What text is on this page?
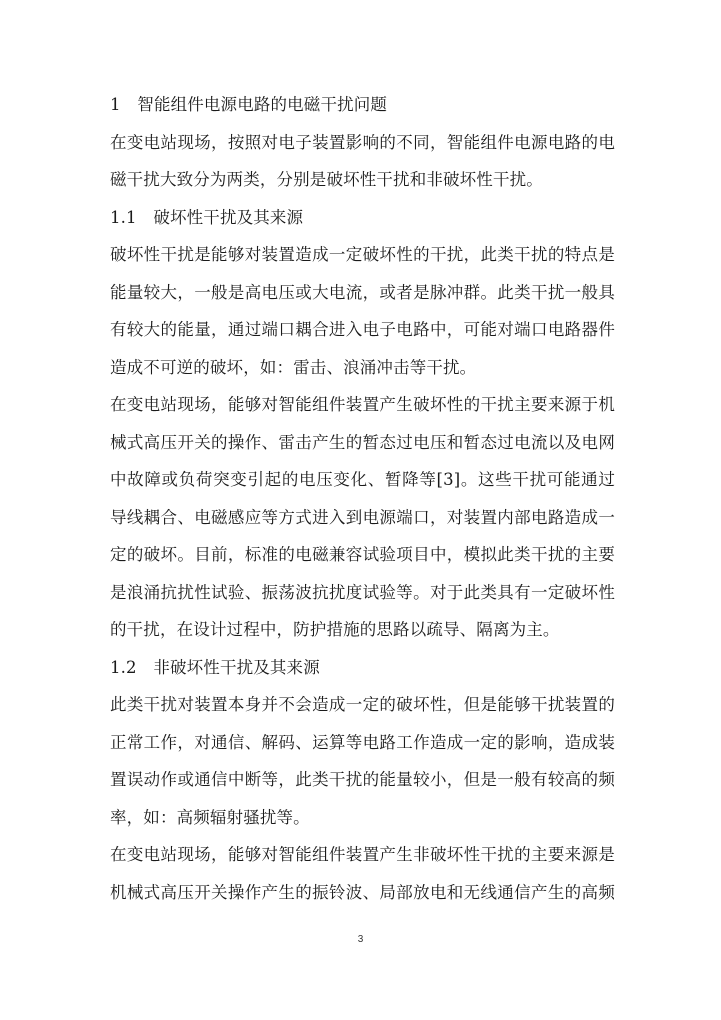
1　智能组件电源电路的电磁干扰问题
在变电站现场，按照对电子装置影响的不同，智能组件电源电路的电
磁干扰大致分为两类，分别是破坏性干扰和非破坏性干扰。
1.1　破坏性干扰及其来源
破坏性干扰是能够对装置造成一定破坏性的干扰，此类干扰的特点是
能量较大，一般是高电压或大电流，或者是脉冲群。此类干扰一般具
有较大的能量，通过端口耦合进入电子电路中，可能对端口电路器件
造成不可逆的破坏，如：雷击、浪涌冲击等干扰。
在变电站现场，能够对智能组件装置产生破坏性的干扰主要来源于机
械式高压开关的操作、雷击产生的暂态过电压和暂态过电流以及电网
中故障或负荷突变引起的电压变化、暂降等[3]。这些干扰可能通过
导线耦合、电磁感应等方式进入到电源端口，对装置内部电路造成一
定的破坏。目前，标准的电磁兼容试验项目中，模拟此类干扰的主要
是浪涌抗扰性试验、振荡波抗扰度试验等。对于此类具有一定破坏性
的干扰，在设计过程中，防护措施的思路以疏导、隔离为主。
1.2　非破坏性干扰及其来源
此类干扰对装置本身并不会造成一定的破坏性，但是能够干扰装置的
正常工作，对通信、解码、运算等电路工作造成一定的影响，造成装
置误动作或通信中断等，此类干扰的能量较小，但是一般有较高的频
率，如：高频辐射骚扰等。
在变电站现场，能够对智能组件装置产生非破坏性干扰的主要来源是
机械式高压开关操作产生的振铃波、局部放电和无线通信产生的高频
3
